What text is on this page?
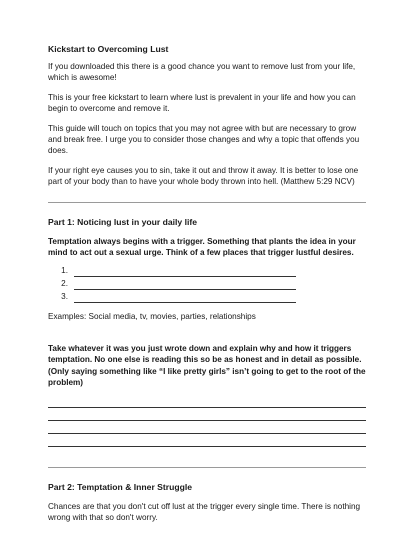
Kickstart to Overcoming Lust

If you downloaded this there is a good chance you want to remove lust from your life, which is awesome!

This is your free kickstart to learn where lust is prevalent in your life and how you can begin to overcome and remove it.

This guide will touch on topics that you may not agree with but are necessary to grow and break free. I urge you to consider those changes and why a topic that offends you does.

If your right eye causes you to sin, take it out and throw it away. It is better to lose one part of your body than to have your whole body thrown into hell. (Matthew 5:29 NCV)

Part 1: Noticing lust in your daily life
Temptation always begins with a trigger. Something that plants the idea in your mind to act out a sexual urge. Think of a few places that trigger lustful desires.
1.
2.
3.

Examples: Social media, tv, movies, parties, relationships

Take whatever it was you just wrote down and explain why and how it triggers temptation. No one else is reading this so be as honest and in detail as possible. (Only saying something like “I like pretty girls” isn’t going to get to the root of the problem)
Part 2: Temptation & Inner Struggle

Chances are that you don't cut off lust at the trigger every single time. There is nothing wrong with that so don't worry.
